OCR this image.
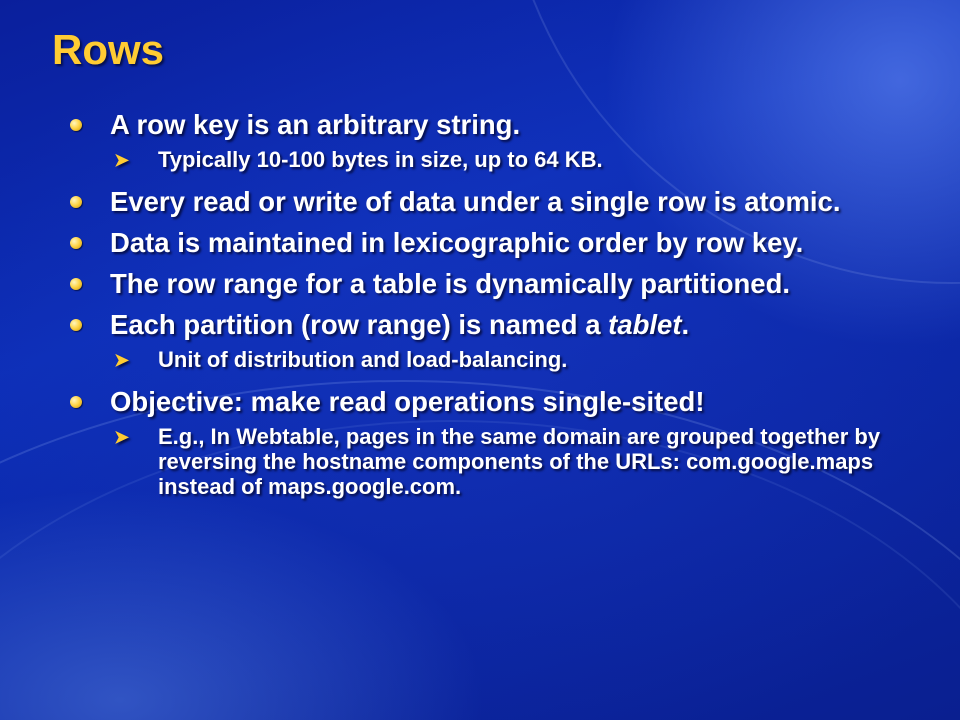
Rows
A row key is an arbitrary string.
➤ Typically 10-100 bytes in size, up to 64 KB.
Every read or write of data under a single row is atomic.
Data is maintained in lexicographic order by row key.
The row range for a table is dynamically partitioned.
Each partition (row range) is named a tablet.
➤ Unit of distribution and load-balancing.
Objective: make read operations single-sited!
➤ E.g., In Webtable, pages in the same domain are grouped together by reversing the hostname components of the URLs: com.google.maps instead of maps.google.com.
